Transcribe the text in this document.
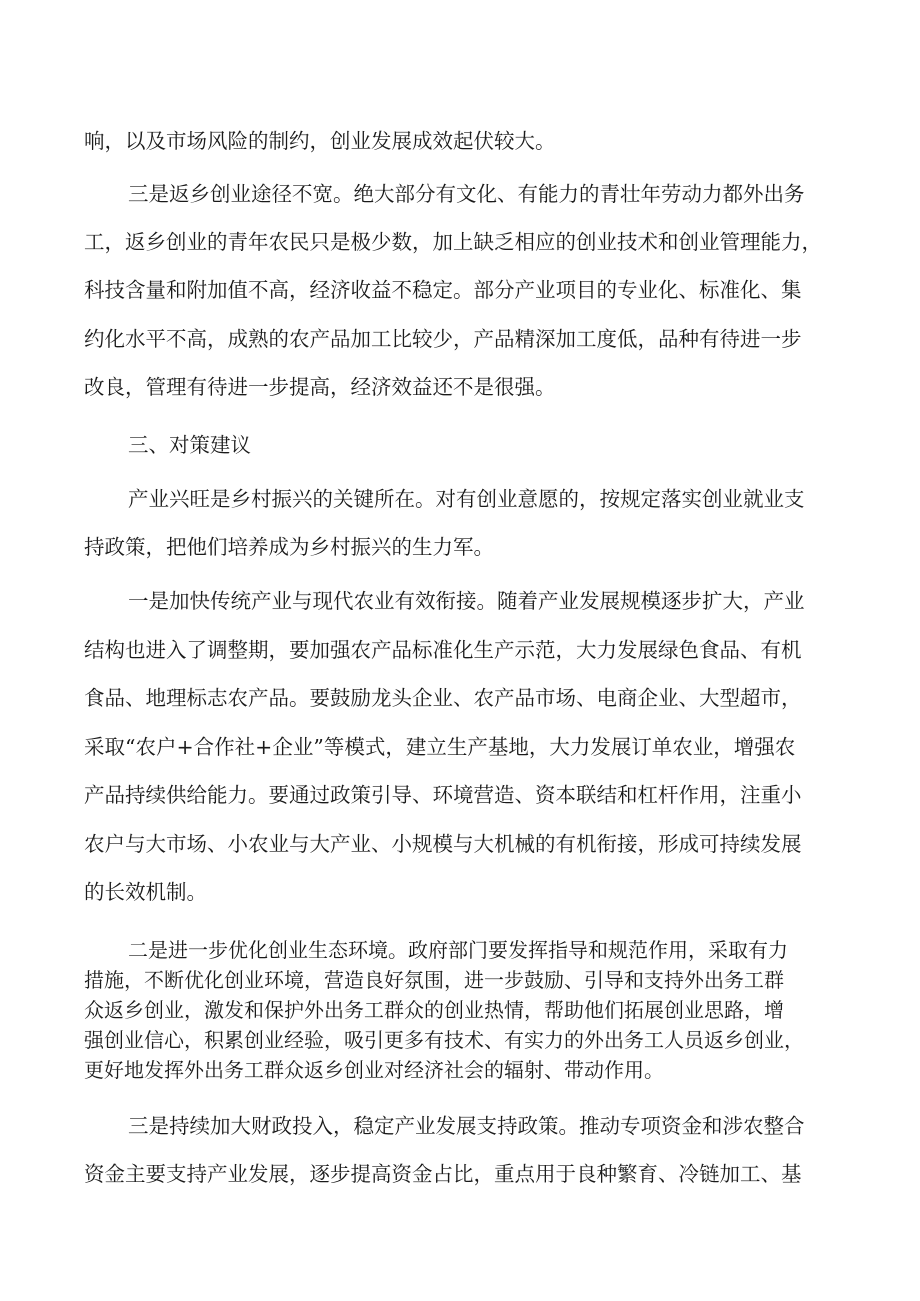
响，以及市场风险的制约，创业发展成效起伏较大。
三是返乡创业途径不宽。绝大部分有文化、有能力的青壮年劳动力都外出务
工，返乡创业的青年农民只是极少数，加上缺乏相应的创业技术和创业管理能力，
科技含量和附加值不高，经济收益不稳定。部分产业项目的专业化、标准化、集
约化水平不高，成熟的农产品加工比较少，产品精深加工度低，品种有待进一步
改良，管理有待进一步提高，经济效益还不是很强。
三、对策建议
产业兴旺是乡村振兴的关键所在。对有创业意愿的，按规定落实创业就业支
持政策，把他们培养成为乡村振兴的生力军。
一是加快传统产业与现代农业有效衔接。随着产业发展规模逐步扩大，产业
结构也进入了调整期，要加强农产品标准化生产示范，大力发展绿色食品、有机
食品、地理标志农产品。要鼓励龙头企业、农产品市场、电商企业、大型超市，
采取“农户+合作社+企业”等模式，建立生产基地，大力发展订单农业，增强农
产品持续供给能力。要通过政策引导、环境营造、资本联结和杠杆作用，注重小
农户与大市场、小农业与大产业、小规模与大机械的有机衔接，形成可持续发展
的长效机制。
二是进一步优化创业生态环境。政府部门要发挥指导和规范作用，采取有力
措施，不断优化创业环境，营造良好氛围，进一步鼓励、引导和支持外出务工群
众返乡创业，激发和保护外出务工群众的创业热情，帮助他们拓展创业思路，增
强创业信心，积累创业经验，吸引更多有技术、有实力的外出务工人员返乡创业，
更好地发挥外出务工群众返乡创业对经济社会的辐射、带动作用。
三是持续加大财政投入，稳定产业发展支持政策。推动专项资金和涉农整合
资金主要支持产业发展，逐步提高资金占比，重点用于良种繁育、冷链加工、基
